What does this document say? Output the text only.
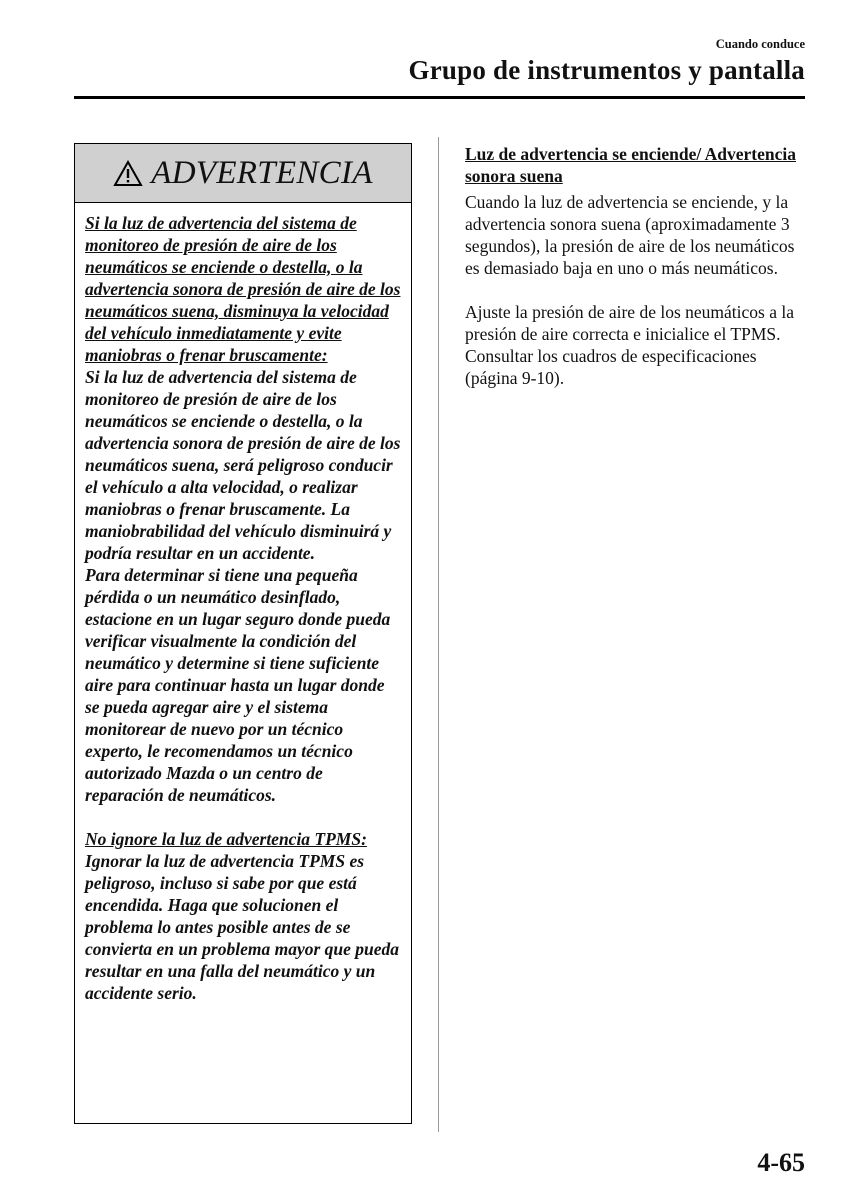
Cuando conduce
Grupo de instrumentos y pantalla
ADVERTENCIA

Si la luz de advertencia del sistema de monitoreo de presión de aire de los neumáticos se enciende o destella, o la advertencia sonora de presión de aire de los neumáticos suena, disminuya la velocidad del vehículo inmediatamente y evite maniobras o frenar bruscamente:

Si la luz de advertencia del sistema de monitoreo de presión de aire de los neumáticos se enciende o destella, o la advertencia sonora de presión de aire de los neumáticos suena, será peligroso conducir el vehículo a alta velocidad, o realizar maniobras o frenar bruscamente. La maniobrabilidad del vehículo disminuirá y podría resultar en un accidente.

Para determinar si tiene una pequeña pérdida o un neumático desinflado, estacione en un lugar seguro donde pueda verificar visualmente la condición del neumático y determine si tiene suficiente aire para continuar hasta un lugar donde se pueda agregar aire y el sistema monitorear de nuevo por un técnico experto, le recomendamos un técnico autorizado Mazda o un centro de reparación de neumáticos.

No ignore la luz de advertencia TPMS:

Ignorar la luz de advertencia TPMS es peligroso, incluso si sabe por que está encendida. Haga que solucionen el problema lo antes posible antes de se convierta en un problema mayor que pueda resultar en una falla del neumático y un accidente serio.

Luz de advertencia se enciende/ Advertencia sonora suena

Cuando la luz de advertencia se enciende, y la advertencia sonora suena (aproximadamente 3 segundos), la presión de aire de los neumáticos es demasiado baja en uno o más neumáticos.

Ajuste la presión de aire de los neumáticos a la presión de aire correcta e inicialice el TPMS. Consultar los cuadros de especificaciones (página 9-10).

4-65
